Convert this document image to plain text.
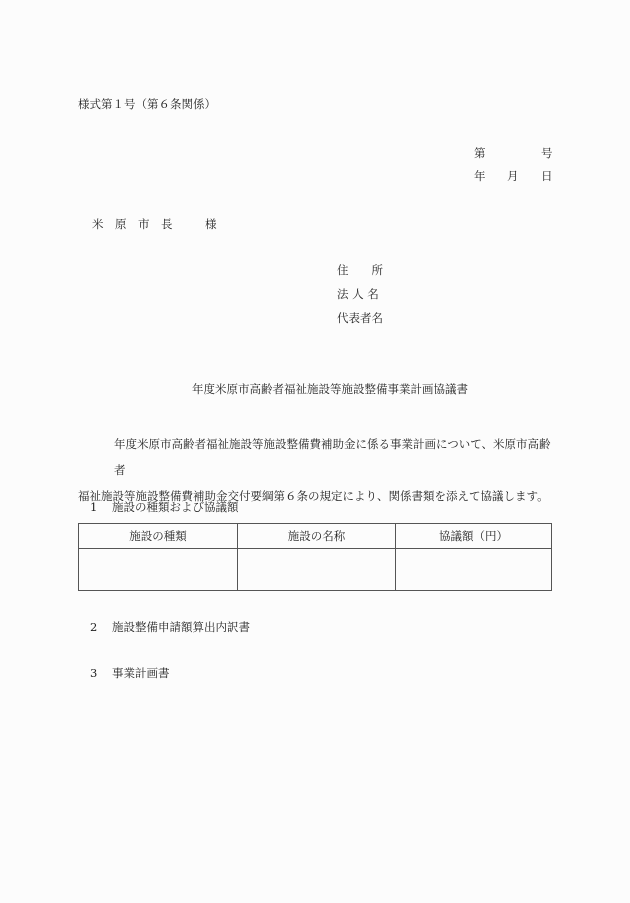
様式第１号（第６条関係）
第	号
年 月 日
米 原 市 長	様
住　　所
法 人 名
代表者名
年度米原市高齢者福祉施設等施設整備事業計画協議書
年度米原市高齢者福祉施設等施設整備費補助金に係る事業計画について、米原市高齢者
福祉施設等施設整備費補助金交付要綱第６条の規定により、関係書類を添えて協議します。
1 施設の種類および協議額
施設の種類	施設の名称	協議額（円）

2 施設整備申請額算出内訳書
3 事業計画書
